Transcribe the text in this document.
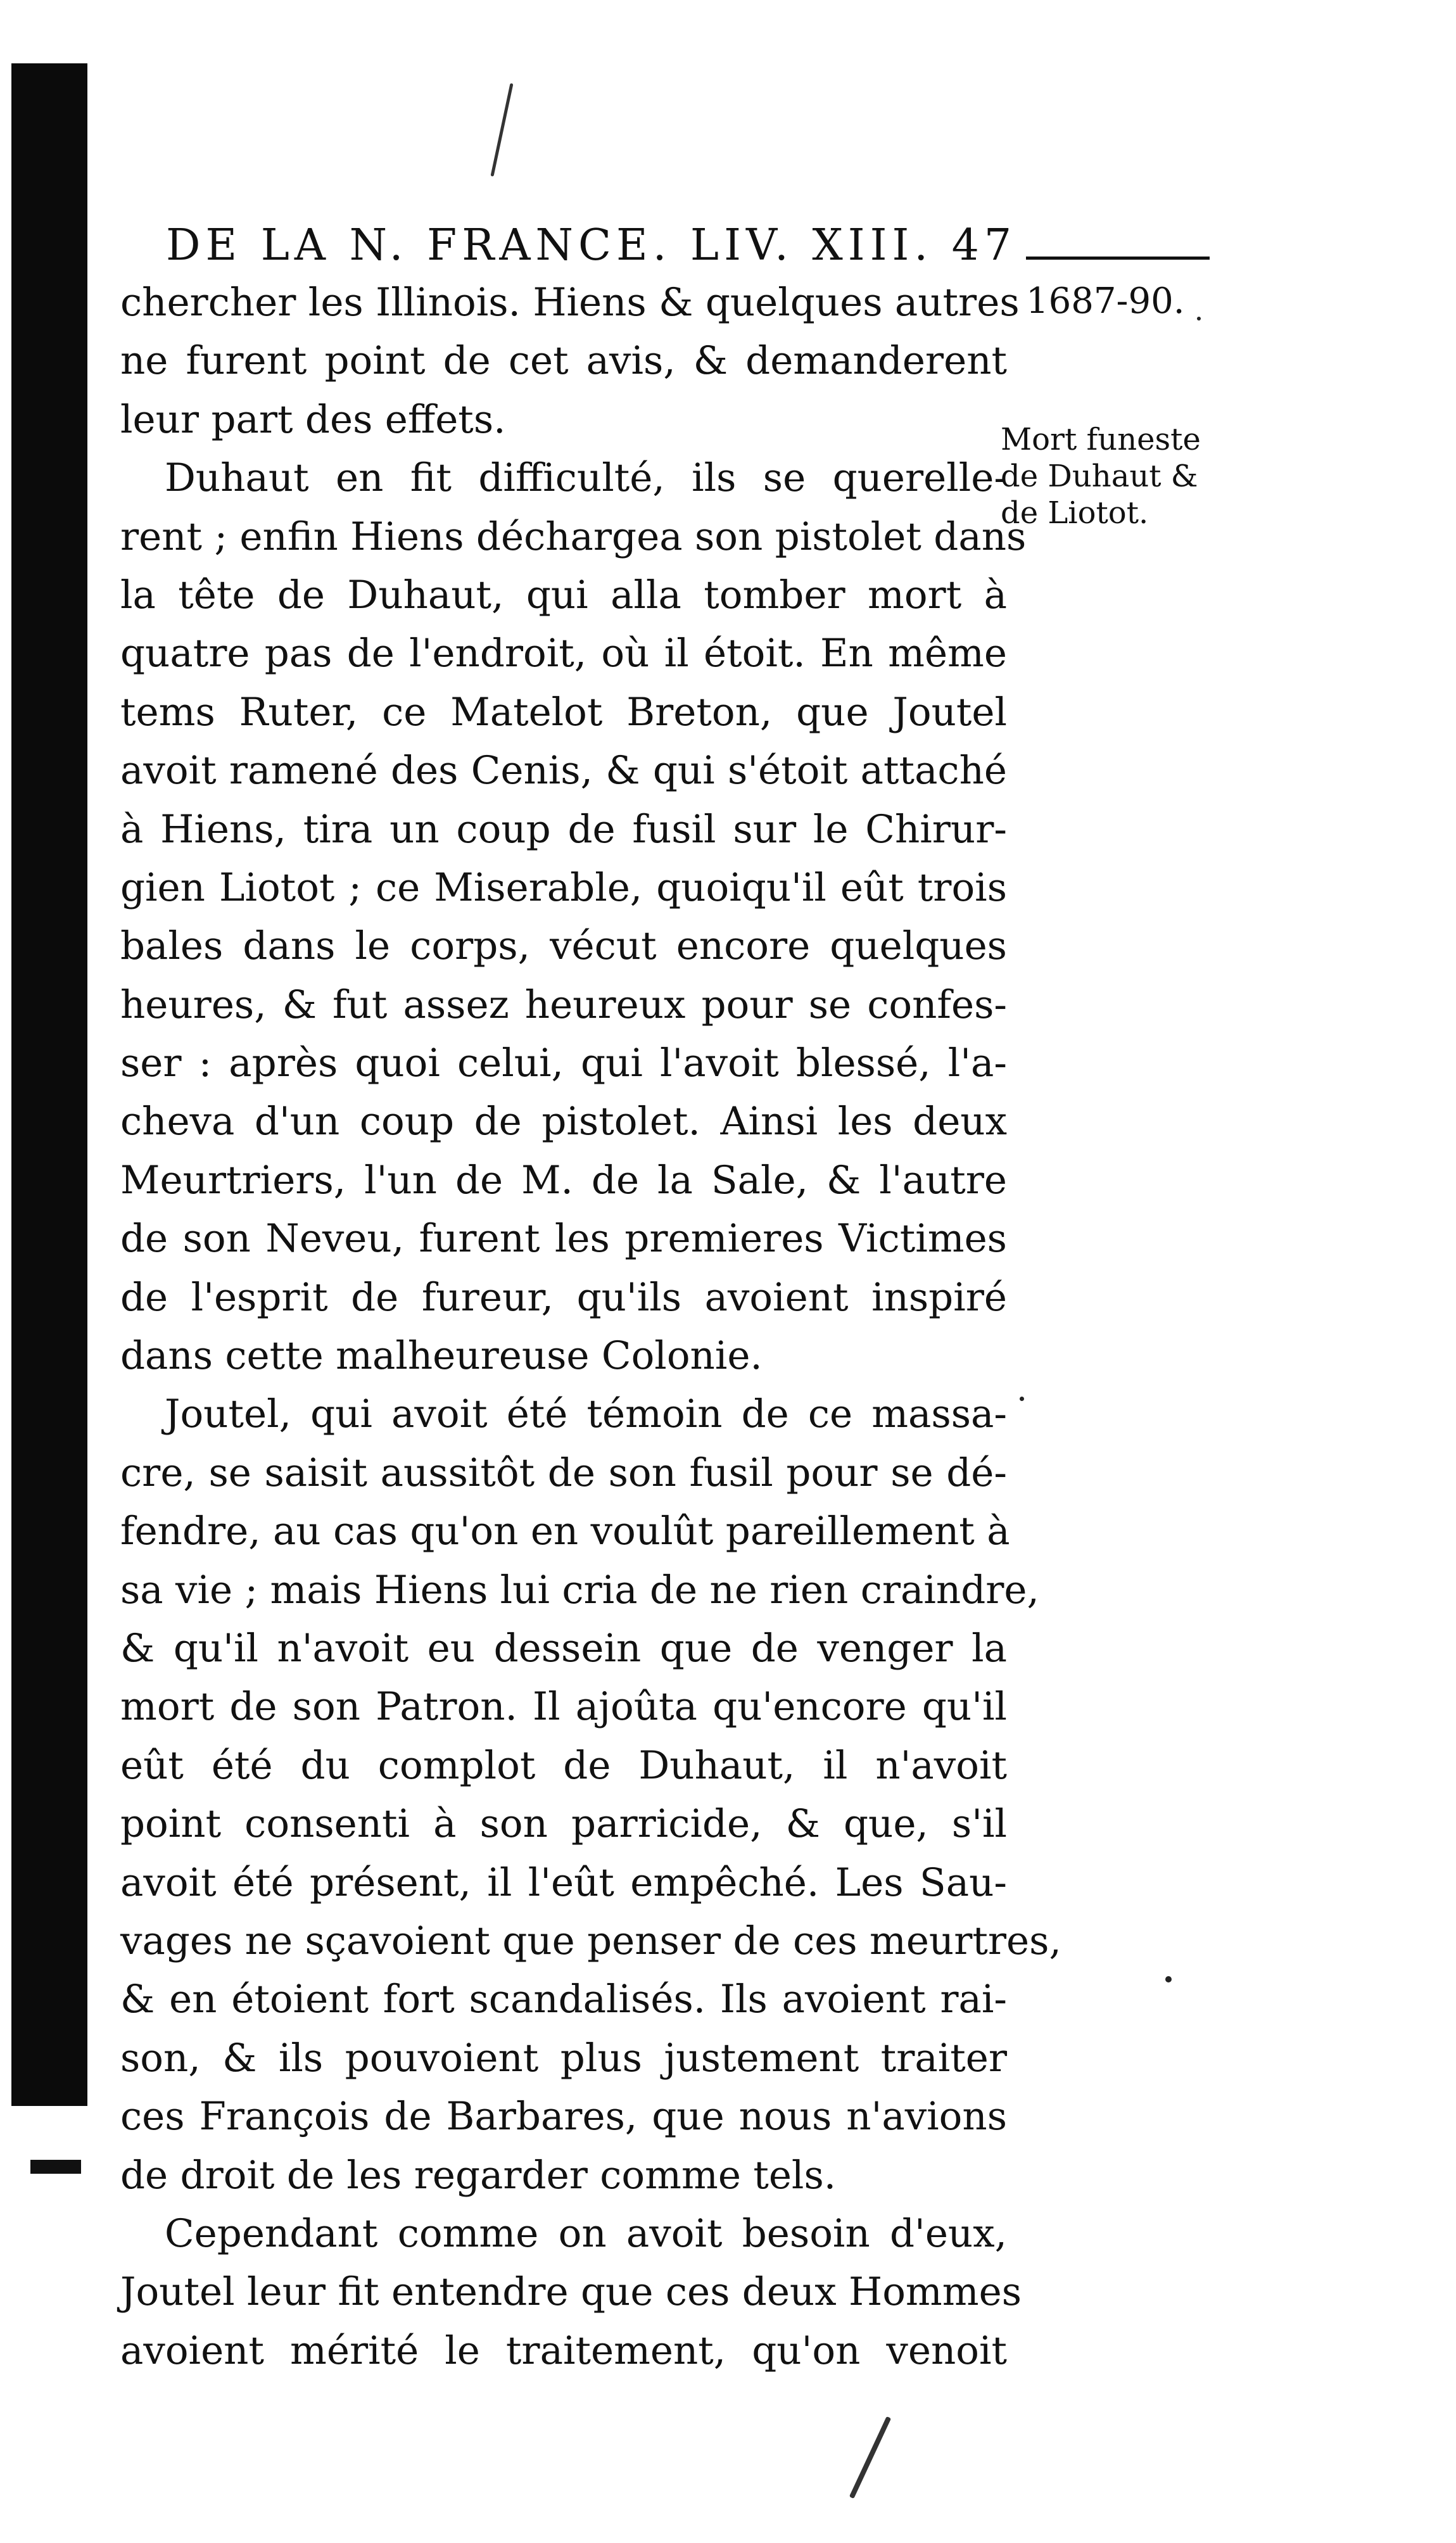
DE LA N. FRANCE. LIV. XIII. 47
1687-90.
Mort funeste
de Duhaut &
de Liotot.
chercher les Illinois. Hiens & quelques autres
ne furent point de cet avis, & demanderent
leur part des effets.
Duhaut en fit difficulté, ils se querelle-
rent ; enfin Hiens déchargea son pistolet dans
la tête de Duhaut, qui alla tomber mort à
quatre pas de l'endroit, où il étoit. En même
tems Ruter, ce Matelot Breton, que Joutel
avoit ramené des Cenis, & qui s'étoit attaché
à Hiens, tira un coup de fusil sur le Chirur-
gien Liotot ; ce Miserable, quoiqu'il eût trois
bales dans le corps, vécut encore quelques
heures, & fut assez heureux pour se confes-
ser : après quoi celui, qui l'avoit blessé, l'a-
cheva d'un coup de pistolet. Ainsi les deux
Meurtriers, l'un de M. de la Sale, & l'autre
de son Neveu, furent les premieres Victimes
de l'esprit de fureur, qu'ils avoient inspiré
dans cette malheureuse Colonie.
Joutel, qui avoit été témoin de ce massa-
cre, se saisit aussitôt de son fusil pour se dé-
fendre, au cas qu'on en voulût pareillement à
sa vie ; mais Hiens lui cria de ne rien craindre,
& qu'il n'avoit eu dessein que de venger la
mort de son Patron. Il ajoûta qu'encore qu'il
eût été du complot de Duhaut, il n'avoit
point consenti à son parricide, & que, s'il
avoit été présent, il l'eût empêché. Les Sau-
vages ne sçavoient que penser de ces meurtres,
& en étoient fort scandalisés. Ils avoient rai-
son, & ils pouvoient plus justement traiter
ces François de Barbares, que nous n'avions
de droit de les regarder comme tels.
Cependant comme on avoit besoin d'eux,
Joutel leur fit entendre que ces deux Hommes
avoient mérité le traitement, qu'on venoit
